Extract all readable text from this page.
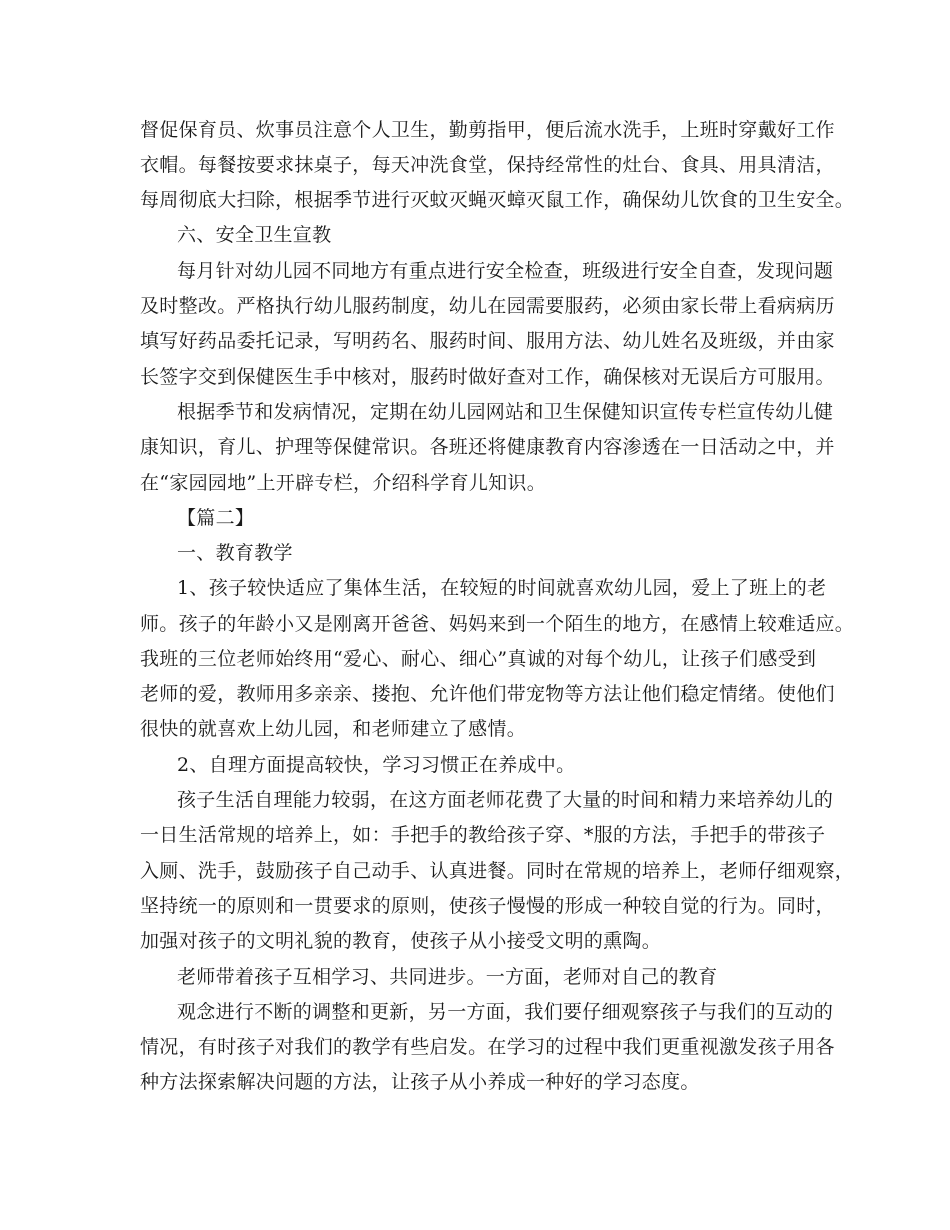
督促保育员、炊事员注意个人卫生，勤剪指甲，便后流水洗手，上班时穿戴好工作
衣帽。每餐按要求抹桌子，每天冲洗食堂，保持经常性的灶台、食具、用具清洁，
每周彻底大扫除，根据季节进行灭蚊灭蝇灭蟑灭鼠工作，确保幼儿饮食的卫生安全。
六、安全卫生宣教
每月针对幼儿园不同地方有重点进行安全检查，班级进行安全自查，发现问题
及时整改。严格执行幼儿服药制度，幼儿在园需要服药，必须由家长带上看病病历
填写好药品委托记录，写明药名、服药时间、服用方法、幼儿姓名及班级，并由家
长签字交到保健医生手中核对，服药时做好查对工作，确保核对无误后方可服用。
根据季节和发病情况，定期在幼儿园网站和卫生保健知识宣传专栏宣传幼儿健
康知识，育儿、护理等保健常识。各班还将健康教育内容渗透在一日活动之中，并
在“家园园地”上开辟专栏，介绍科学育儿知识。
【篇二】
一、教育教学
1、孩子较快适应了集体生活，在较短的时间就喜欢幼儿园，爱上了班上的老
师。孩子的年龄小又是刚离开爸爸、妈妈来到一个陌生的地方，在感情上较难适应。
我班的三位老师始终用“爱心、耐心、细心”真诚的对每个幼儿，让孩子们感受到
老师的爱，教师用多亲亲、搂抱、允许他们带宠物等方法让他们稳定情绪。使他们
很快的就喜欢上幼儿园，和老师建立了感情。
2、自理方面提高较快，学习习惯正在养成中。
孩子生活自理能力较弱，在这方面老师花费了大量的时间和精力来培养幼儿的
一日生活常规的培养上，如：手把手的教给孩子穿、*服的方法，手把手的带孩子
入厕、洗手，鼓励孩子自己动手、认真进餐。同时在常规的培养上，老师仔细观察，
坚持统一的原则和一贯要求的原则，使孩子慢慢的形成一种较自觉的行为。同时，
加强对孩子的文明礼貌的教育，使孩子从小接受文明的熏陶。
老师带着孩子互相学习、共同进步。一方面，老师对自己的教育
观念进行不断的调整和更新，另一方面，我们要仔细观察孩子与我们的互动的
情况，有时孩子对我们的教学有些启发。在学习的过程中我们更重视激发孩子用各
种方法探索解决问题的方法，让孩子从小养成一种好的学习态度。
